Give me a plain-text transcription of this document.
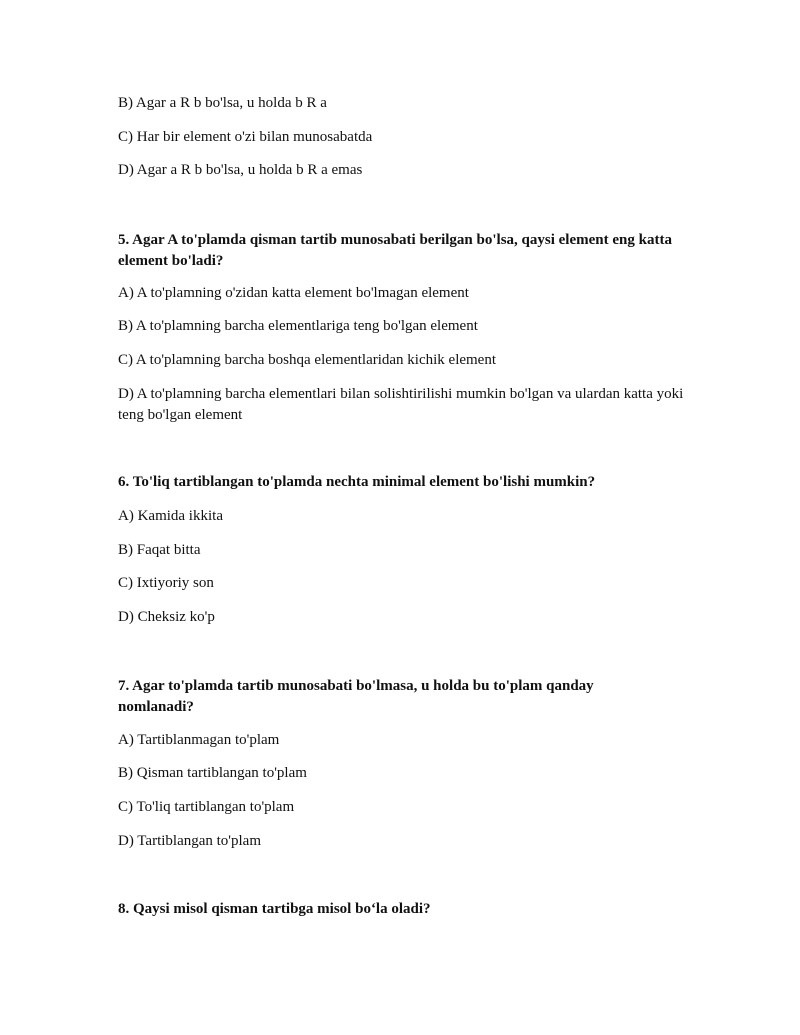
B) Agar a R b bo'lsa, u holda b R a
C) Har bir element o'zi bilan munosabatda
D) Agar a R b bo'lsa, u holda b R a emas
5. Agar A to'plamda qisman tartib munosabati berilgan bo'lsa, qaysi element eng katta element bo'ladi?
A) A to'plamning o'zidan katta element bo'lmagan element
B) A to'plamning barcha elementlariga teng bo'lgan element
C) A to'plamning barcha boshqa elementlaridan kichik element
D) A to'plamning barcha elementlari bilan solishtirilishi mumkin bo'lgan va ulardan katta yoki teng bo'lgan element
6. To'liq tartiblangan to'plamda nechta minimal element bo'lishi mumkin?
A) Kamida ikkita
B) Faqat bitta
C) Ixtiyoriy son
D) Cheksiz ko'p
7. Agar to'plamda tartib munosabati bo'lmasa, u holda bu to'plam qanday nomlanadi?
A) Tartiblanmagan to'plam
B) Qisman tartiblangan to'plam
C) To'liq tartiblangan to'plam
D) Tartiblangan to'plam
8. Qaysi misol qisman tartibga misol bo‘la oladi?
